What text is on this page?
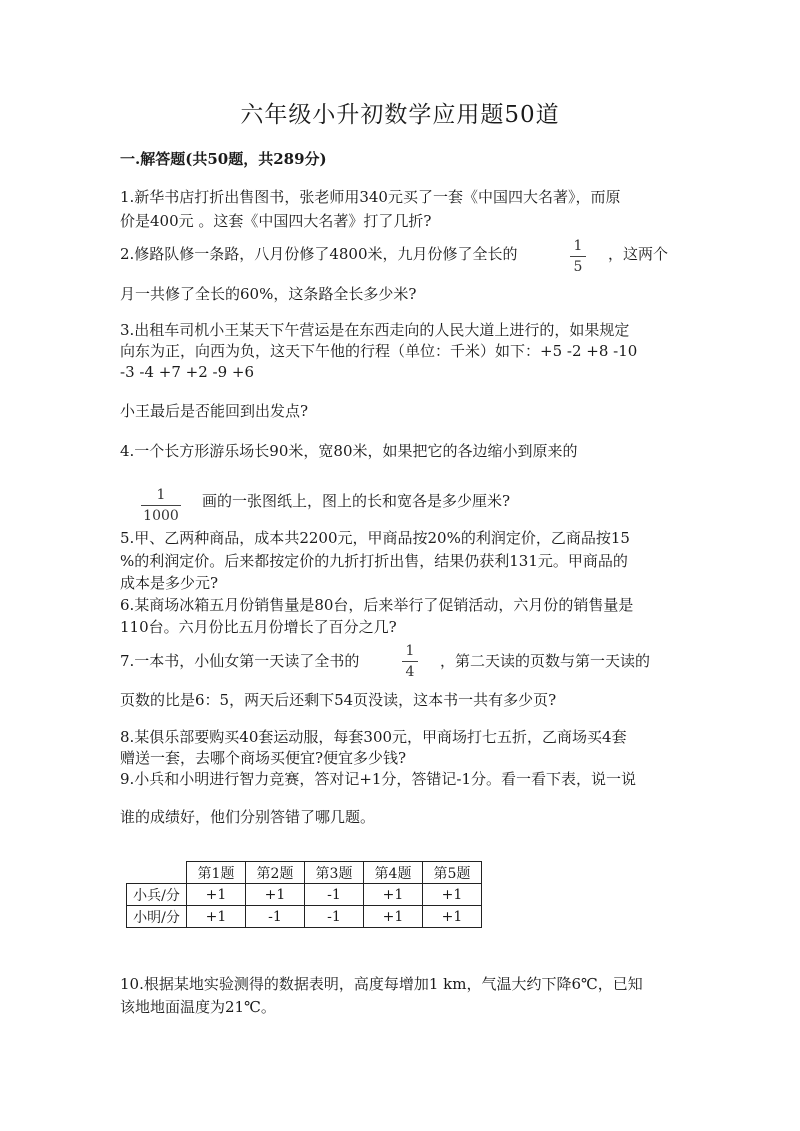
六年级小升初数学应用题50道
一.解答题(共50题，共289分)
1.新华书店打折出售图书，张老师用340元买了一套《中国四大名著》，而原
价是400元 。这套《中国四大名著》打了几折?
2.修路队修一条路，八月份修了4800米，九月份修了全长的	1
5
，这两个
月一共修了全长的60%，这条路全长多少米?
3.出租车司机小王某天下午营运是在东西走向的人民大道上进行的，如果规定
向东为正，向西为负，这天下午他的行程（单位：千米）如下：+5 -2 +8 -10
-3 -4 +7 +2 -9 +6
小王最后是否能回到出发点?
4.一个长方形游乐场长90米，宽80米，如果把它的各边缩小到原来的
1
1000
画的一张图纸上，图上的长和宽各是多少厘米?
5.甲、乙两种商品，成本共2200元，甲商品按20%的利润定价，乙商品按15
%的利润定价。后来都按定价的九折打折出售，结果仍获利131元。甲商品的
成本是多少元?
6.某商场冰箱五月份销售量是80台，后来举行了促销活动，六月份的销售量是
110台。六月份比五月份增长了百分之几?
7.一本书，小仙女第一天读了全书的
1
4
，第二天读的页数与第一天读的
页数的比是6：5，两天后还剩下54页没读，这本书一共有多少页?
8.某俱乐部要购买40套运动服，每套300元，甲商场打七五折，乙商场买4套
赠送一套，去哪个商场买便宜?便宜多少钱?
9.小兵和小明进行智力竞赛，答对记+1分，答错记-1分。看一看下表，说一说
谁的成绩好，他们分别答错了哪几题。
	第1题	第2题	第3题	第4题	第5题
小兵/分	+1	+1	-1	+1	+1
小明/分	+1	-1	-1	+1	+1
10.根据某地实验测得的数据表明，高度每增加1 km，气温大约下降6℃，已知
该地地面温度为21℃。
